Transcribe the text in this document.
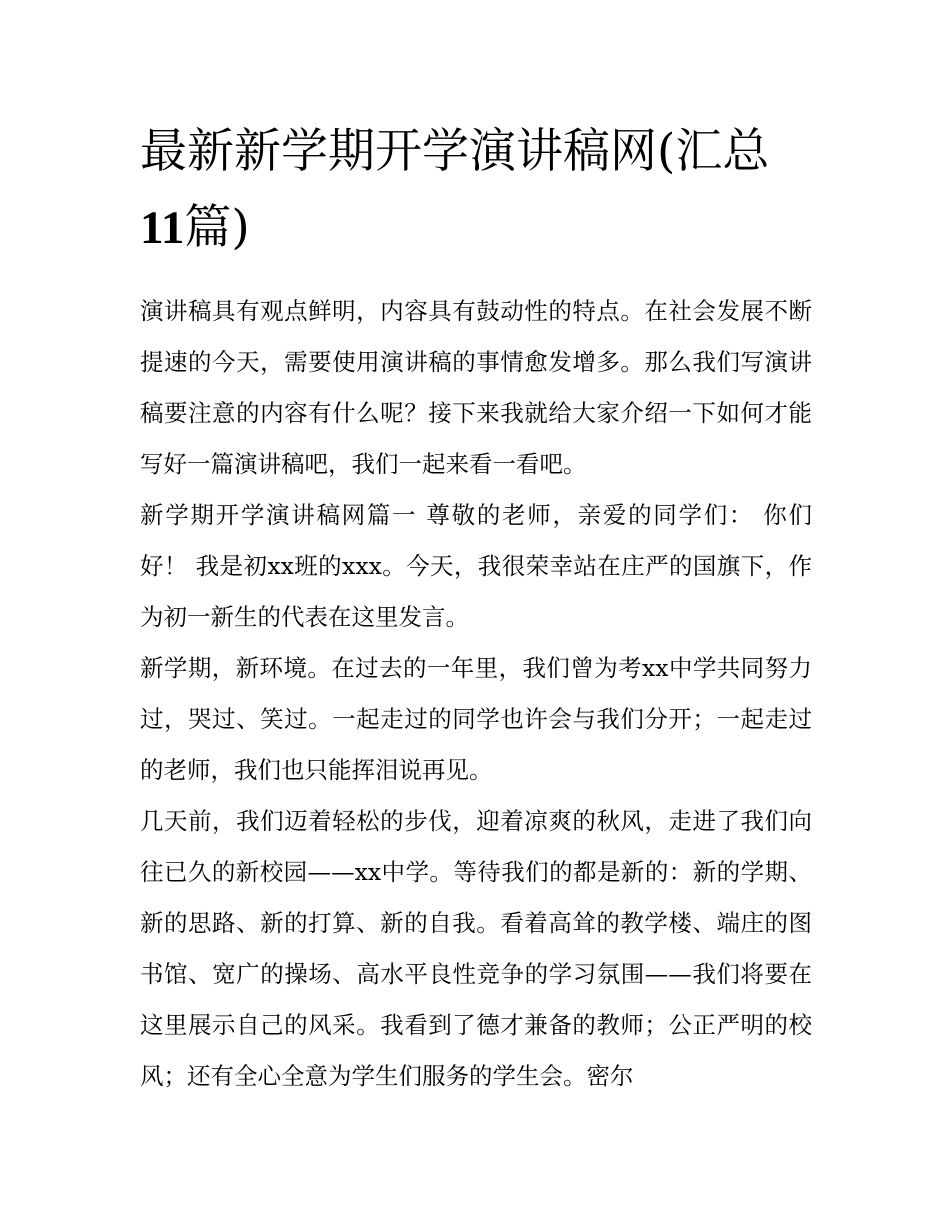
最新新学期开学演讲稿网(汇总
11篇)

演讲稿具有观点鲜明，内容具有鼓动性的特点。在社会发展不断提速的今天，需要使用演讲稿的事情愈发增多。那么我们写演讲稿要注意的内容有什么呢？接下来我就给大家介绍一下如何才能写好一篇演讲稿吧，我们一起来看一看吧。

新学期开学演讲稿网篇一 尊敬的老师，亲爱的同学们： 你们好！ 我是初xx班的xxx。今天，我很荣幸站在庄严的国旗下，作为初一新生的代表在这里发言。

新学期，新环境。在过去的一年里，我们曾为考xx中学共同努力过，哭过、笑过。一起走过的同学也许会与我们分开；一起走过的老师，我们也只能挥泪说再见。

几天前，我们迈着轻松的步伐，迎着凉爽的秋风，走进了我们向往已久的新校园——xx中学。等待我们的都是新的：新的学期、新的思路、新的打算、新的自我。看着高耸的教学楼、端庄的图书馆、宽广的操场、高水平良性竞争的学习氛围——我们将要在这里展示自己的风采。我看到了德才兼备的教师；公正严明的校风；还有全心全意为学生们服务的学生会。密尔
